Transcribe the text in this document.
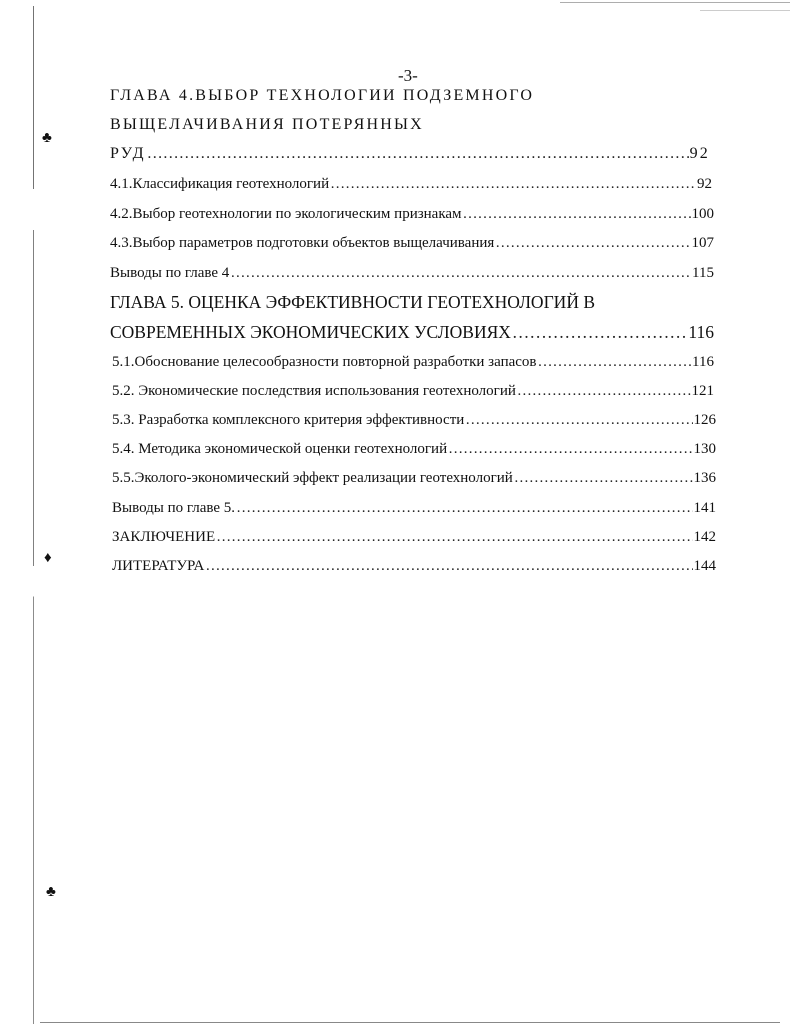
♣
♦
♣
-3-
ГЛАВА 4.ВЫБОР ТЕХНОЛОГИИ ПОДЗЕМНОГО
ВЫЩЕЛАЧИВАНИЯ ПОТЕРЯННЫХ
РУД ……………………………………………………………………………………………………………………………………………………	92
4.1.Классификация геотехнологий ……………………………………………………………………………………………………………………………………………………	92
4.2.Выбор геотехнологии по экологическим признакам ……………………………………………………………………………………………………………………………………………………	100
4.3.Выбор параметров подготовки объектов выщелачивания ……………………………………………………………………………………………………………………………………………………	107
Выводы по главе 4 ……………………………………………………………………………………………………………………………………………………	115
ГЛАВА 5. ОЦЕНКА ЭФФЕКТИВНОСТИ ГЕОТЕХНОЛОГИЙ В
СОВРЕМЕННЫХ ЭКОНОМИЧЕСКИХ УСЛОВИЯХ ……………………………………………………………………………………………………………………………………………………	116
5.1.Обоснование целесообразности повторной разработки запасов ……………………………………………………………………………………………………………………………………………………	116
5.2. Экономические последствия использования геотехнологий ……………………………………………………………………………………………………………………………………………………	121
5.3. Разработка комплексного критерия эффективности ……………………………………………………………………………………………………………………………………………………	126
5.4. Методика экономической оценки геотехнологий ……………………………………………………………………………………………………………………………………………………	130
5.5.Эколого-экономический эффект реализации геотехнологий ……………………………………………………………………………………………………………………………………………………	136
Выводы по главе 5. ……………………………………………………………………………………………………………………………………………………	141
ЗАКЛЮЧЕНИЕ ……………………………………………………………………………………………………………………………………………………	142
ЛИТЕРАТУРА ……………………………………………………………………………………………………………………………………………………	144
